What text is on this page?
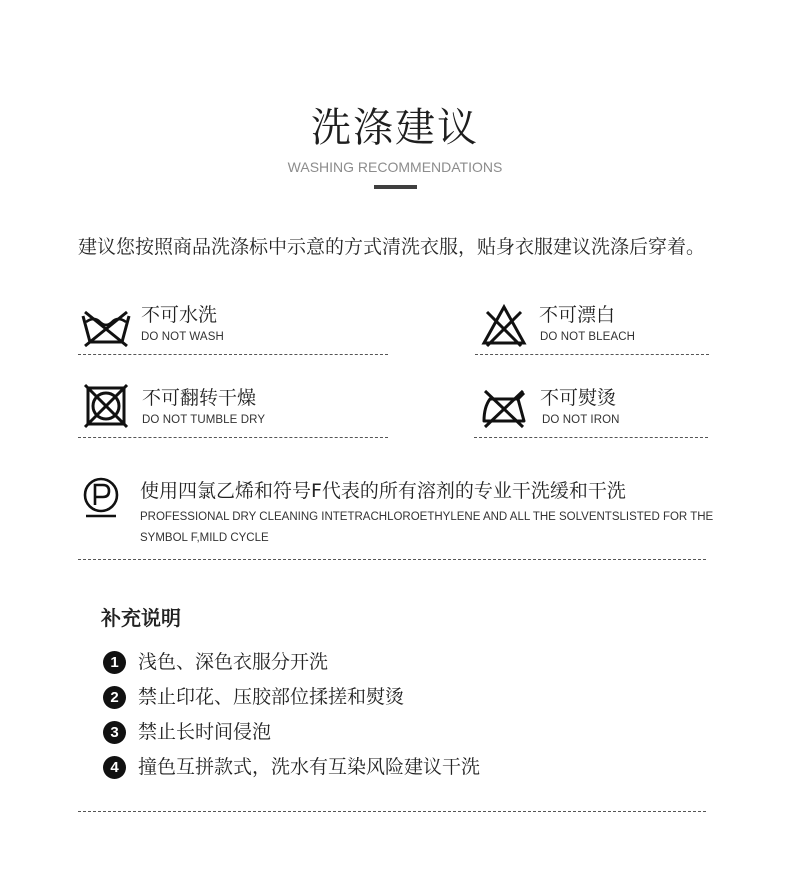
洗涤建议
WASHING RECOMMENDATIONS
建议您按照商品洗涤标中示意的方式清洗衣服，贴身衣服建议洗涤后穿着。
不可水洗
DO NOT WASH
不可漂白
DO NOT BLEACH
不可翻转干燥
DO NOT TUMBLE DRY
不可熨烫
DO NOT IRON
使用四氯乙烯和符号F代表的所有溶剂的专业干洗缓和干洗
PROFESSIONAL DRY CLEANING INTETRACHLOROETHYLENE AND ALL THE SOLVENTSLISTED FOR THE SYMBOL F,MILD CYCLE
补充说明
1	浅色、深色衣服分开洗
2	禁止印花、压胶部位揉搓和熨烫
3	禁止长时间侵泡
4	撞色互拼款式，洗水有互染风险建议干洗
